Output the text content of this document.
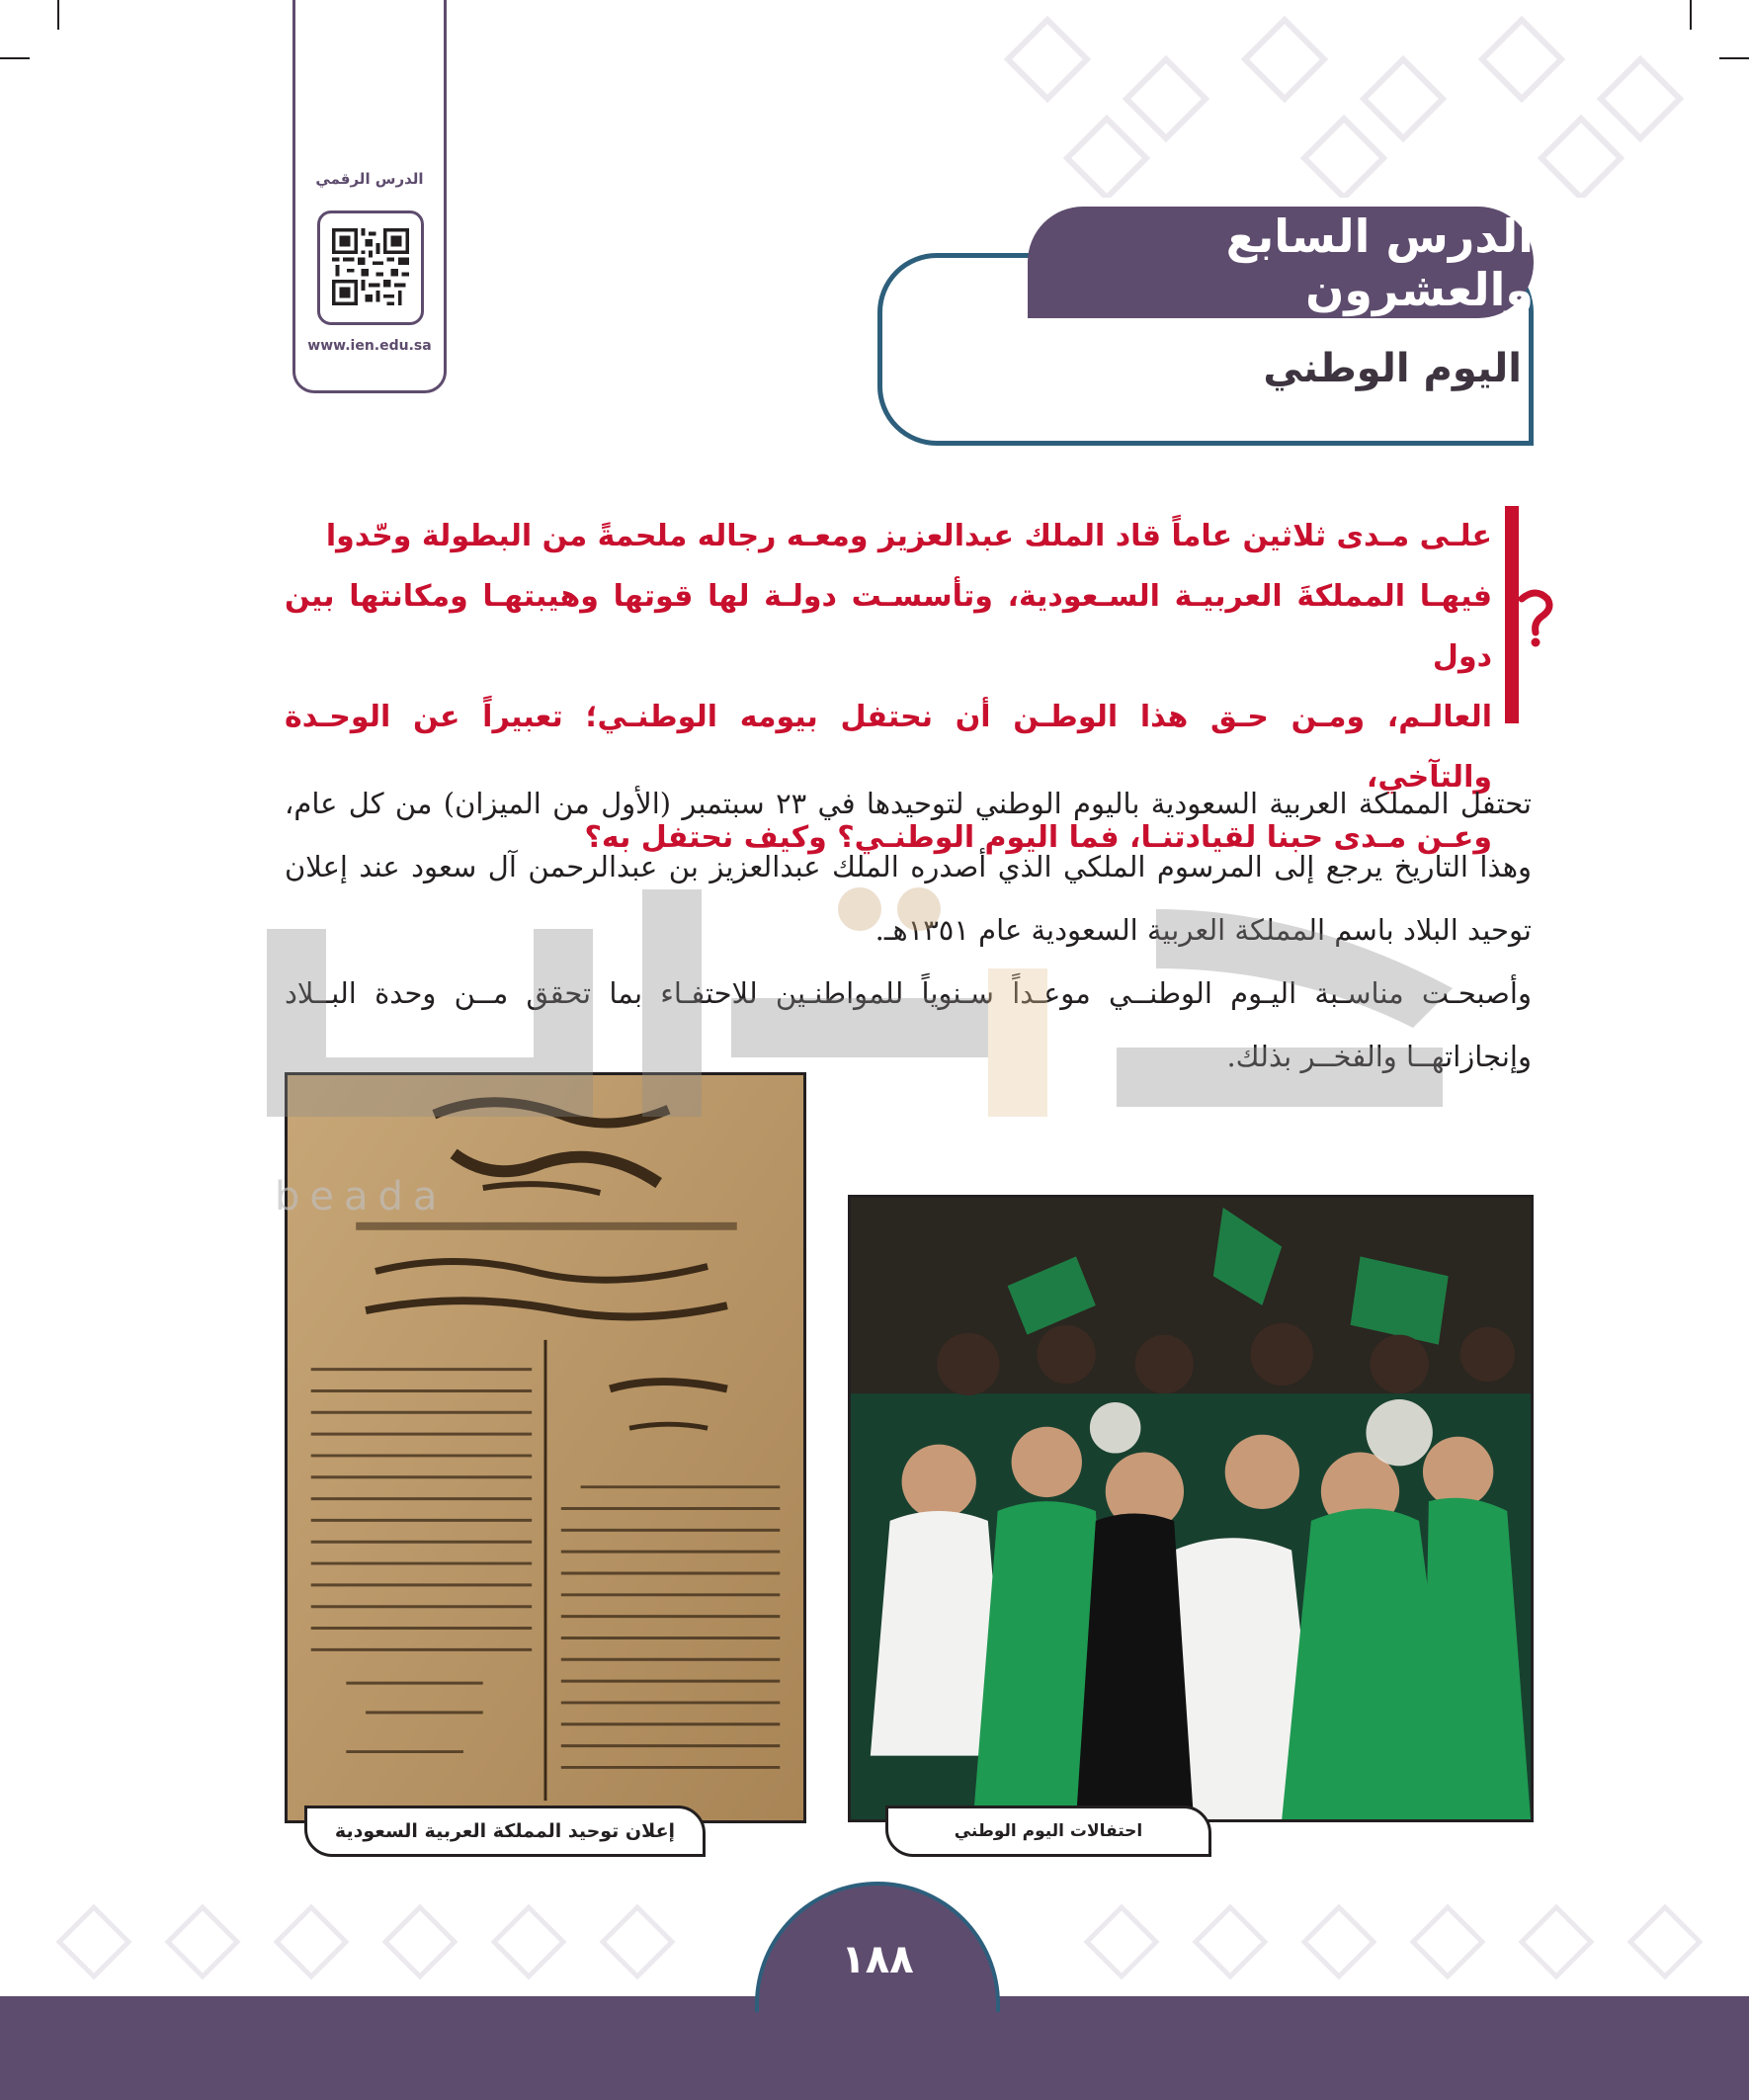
الدرس الرقمي
www.ien.edu.sa
الدرس السابع والعشرون
اليوم الوطني
علـى مـدى ثلاثين عاماً قاد الملك عبدالعزيز ومعـه رجاله ملحمةً من البطولة وحّدوا
فيهـا المملكةَ العربيـة السـعودية، وتأسسـت دولـة لها قوتها وهيبتهـا ومكانتها بين دول
العالـم، ومـن حـق هذا الوطـن أن نحتفل بيومه الوطنـي؛ تعبيراً عن الوحـدة والتآخي،
وعـن مـدى حبنا لقيادتنـا، فما اليوم الوطنـي؟ وكيف نحتفل به؟

تحتفل المملكة العربية السعودية باليوم الوطني لتوحيدها في ٢٣ سبتمبر (الأول من الميزان) من كل عام، وهذا التاريخ يرجع إلى المرسوم الملكي الذي أصدره الملك عبدالعزيز بن عبدالرحمن آل سعود عند إعلان توحيد البلاد باسم المملكة العربية السعودية عام ١٣٥١هـ.

وأصبحـت مناسـبة اليـوم الوطنــي موعـداً سـنوياً للمواطنـين للاحتفـاء بما تحقق مــن وحدة البــلاد وإنجازاتهــا والفخــر بذلك.

beada
إعلان توحيد المملكة العربية السعودية	احتفالات اليوم الوطني
١٨٨
